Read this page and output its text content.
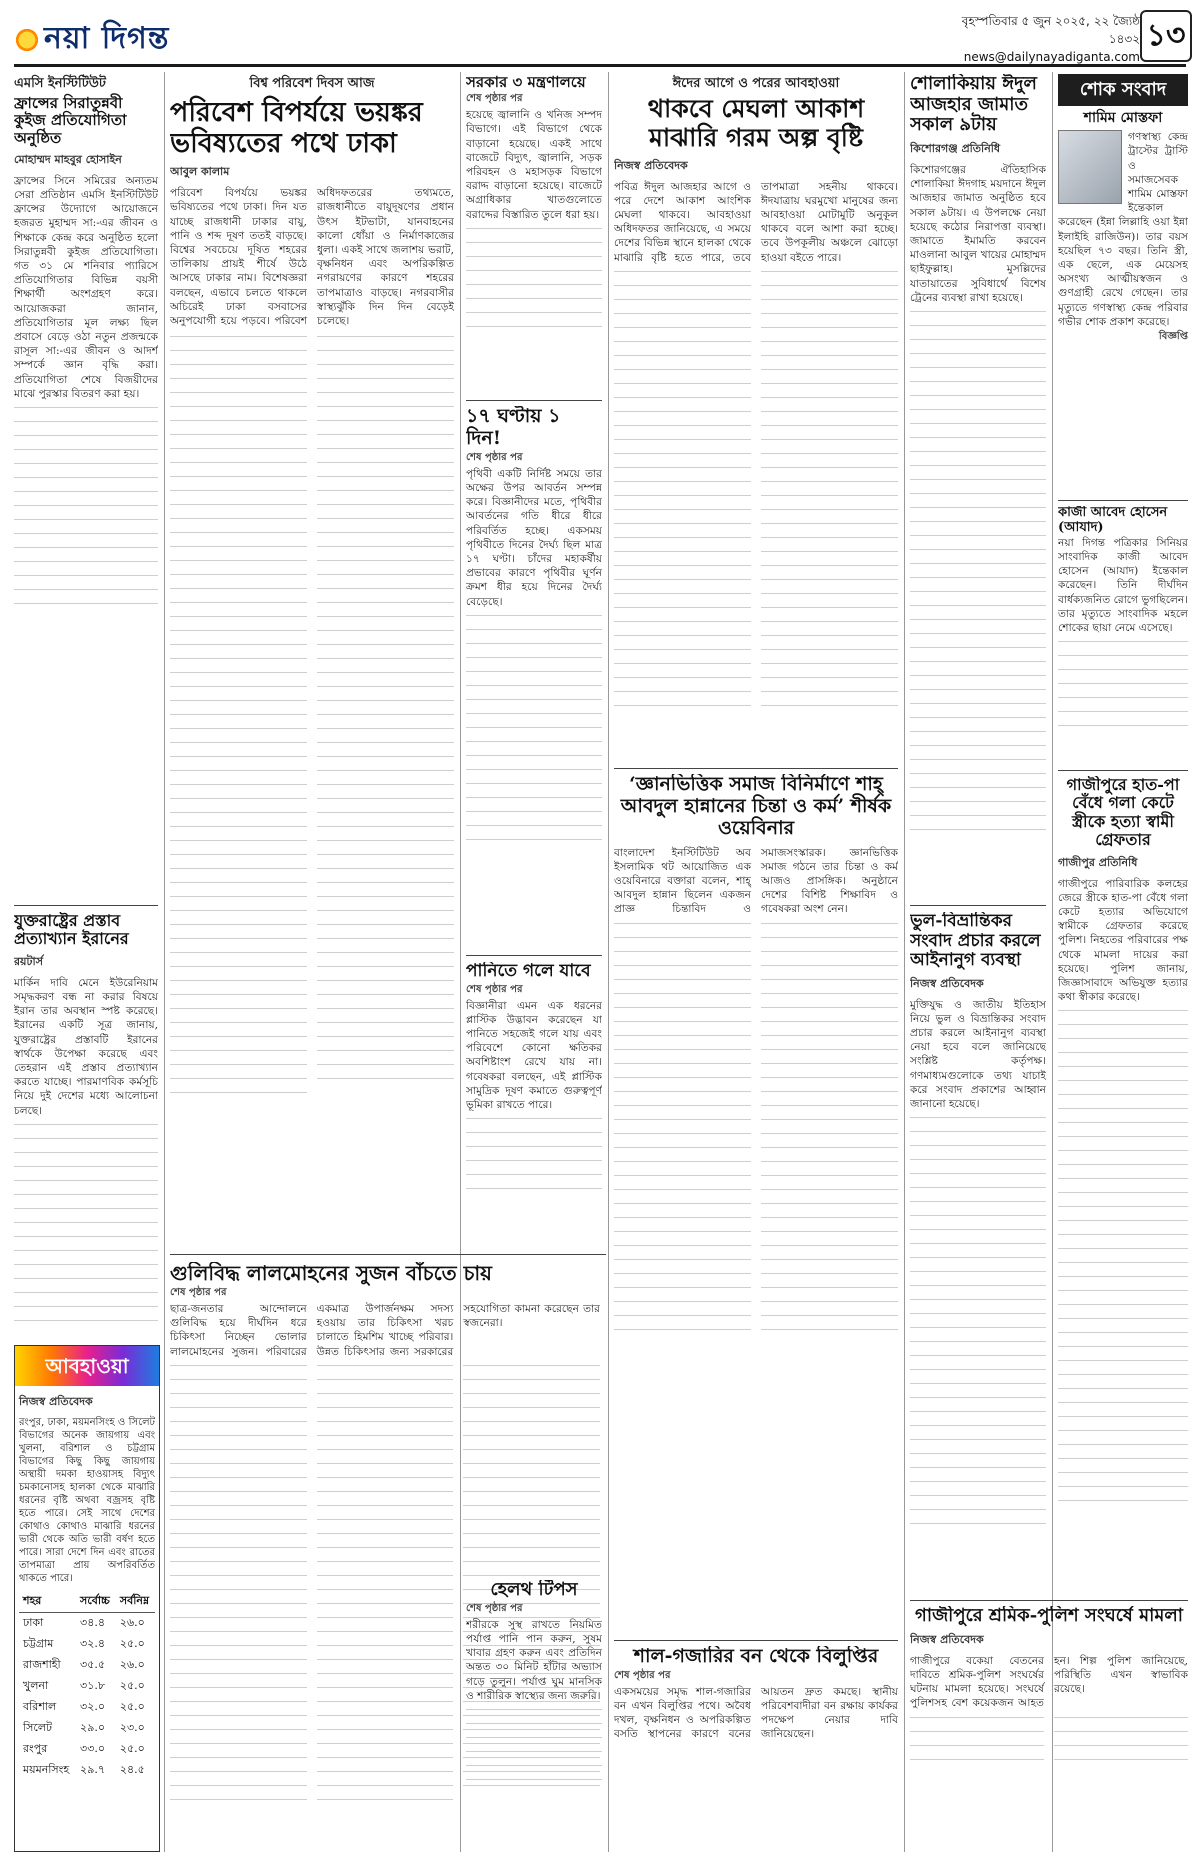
নয়া দিগন্ত	বৃহস্পতিবার ৫ জুন ২০২৫, ২২ জ্যৈষ্ঠ ১৪৩২
news@dailynayadiganta.com
১৩
এমসি ইনস্টিটিউট
ফ্রান্সের সিরাতুন্নবী কুইজ প্রতিযোগিতা অনুষ্ঠিত
মোহাম্মদ মাহবুর হোসাইন
ফ্রান্সের সিনে সমিরের অন্যতম সেরা প্রতিষ্ঠান এমসি ইনস্টিটিউট ফ্রান্সের উদ্যোগে আয়োজনে হজরত মুহাম্মদ সা:-এর জীবন ও শিক্ষাকে কেন্দ্র করে অনুষ্ঠিত হলো সিরাতুন্নবী কুইজ প্রতিযোগিতা। গত ৩১ মে শনিবার প্যারিসে প্রতিযোগিতার বিভিন্ন বয়সী শিক্ষার্থী অংশগ্রহণ করে। আয়োজকরা জানান, প্রতিযোগিতার মূল লক্ষ্য ছিল প্রবাসে বেড়ে ওঠা নতুন প্রজন্মকে রাসূল সা:-এর জীবন ও আদর্শ সম্পর্কে জ্ঞান বৃদ্ধি করা। প্রতিযোগিতা শেষে বিজয়ীদের মাঝে পুরস্কার বিতরণ করা হয়।
যুক্তরাষ্ট্রের প্রস্তাব প্রত্যাখ্যান ইরানের
রয়টার্স
মার্কিন দাবি মেনে ইউরেনিয়াম সমৃদ্ধকরণ বন্ধ না করার বিষয়ে ইরান তার অবস্থান স্পষ্ট করেছে। ইরানের একটি সূত্র জানায়, যুক্তরাষ্ট্রের প্রস্তাবটি ইরানের স্বার্থকে উপেক্ষা করেছে এবং তেহরান এই প্রস্তাব প্রত্যাখ্যান করতে যাচ্ছে। পারমাণবিক কর্মসূচি নিয়ে দুই দেশের মধ্যে আলোচনা চলছে।
আবহাওয়া
নিজস্ব প্রতিবেদক
রংপুর, ঢাকা, ময়মনসিংহ ও সিলেট বিভাগের অনেক জায়গায় এবং খুলনা, বরিশাল ও চট্টগ্রাম বিভাগের কিছু কিছু জায়গায় অস্থায়ী দমকা হাওয়াসহ বিদ্যুৎ চমকানোসহ হালকা থেকে মাঝারি ধরনের বৃষ্টি অথবা বজ্রসহ বৃষ্টি হতে পারে। সেই সাথে দেশের কোথাও কোথাও মাঝারি ধরনের ভারী থেকে অতি ভারী বর্ষণ হতে পারে। সারা দেশে দিন এবং রাতের তাপমাত্রা প্রায় অপরিবর্তিত থাকতে পারে।
শহর	সর্বোচ্চ	সর্বনিম্ন
ঢাকা	৩৪.৪	২৬.০
চট্টগ্রাম	৩২.৪	২৫.০
রাজশাহী	৩৫.৫	২৬.০
খুলনা	৩১.৮	২৫.০
বরিশাল	৩২.০	২৫.০
সিলেট	২৯.০	২৩.০
রংপুর	৩৩.০	২৫.০
ময়মনসিংহ	২৯.৭	২৪.৫
বিশ্ব পরিবেশ দিবস আজ
পরিবেশ বিপর্যয়ে ভয়ঙ্কর ভবিষ্যতের পথে ঢাকা
আবুল কালাম
পরিবেশ বিপর্যয়ে ভয়ঙ্কর ভবিষ্যতের পথে ঢাকা। দিন যত যাচ্ছে রাজধানী ঢাকার বায়ু, পানি ও শব্দ দূষণ ততই বাড়ছে। বিশ্বের সবচেয়ে দূষিত শহরের তালিকায় প্রায়ই শীর্ষে উঠে আসছে ঢাকার নাম। বিশেষজ্ঞরা বলছেন, এভাবে চলতে থাকলে অচিরেই ঢাকা বসবাসের অনুপযোগী হয়ে পড়বে। পরিবেশ অধিদফতরের তথ্যমতে, রাজধানীতে বায়ুদূষণের প্রধান উৎস ইটভাটা, যানবাহনের কালো ধোঁয়া ও নির্মাণকাজের ধুলা। একই সাথে জলাশয় ভরাট, বৃক্ষনিধন এবং অপরিকল্পিত নগরায়ণের কারণে শহরের তাপমাত্রাও বাড়ছে। নগরবাসীর স্বাস্থ্যঝুঁকি দিন দিন বেড়েই চলেছে।
গুলিবিদ্ধ লালমোহনের সুজন বাঁচতে চায়
শেষ পৃষ্ঠার পর
ছাত্র-জনতার আন্দোলনে গুলিবিদ্ধ হয়ে দীর্ঘদিন ধরে চিকিৎসা নিচ্ছেন ভোলার লালমোহনের সুজন। পরিবারের একমাত্র উপার্জনক্ষম সদস্য হওয়ায় তার চিকিৎসা খরচ চালাতে হিমশিম খাচ্ছে পরিবার। উন্নত চিকিৎসার জন্য সরকারের সহযোগিতা কামনা করেছেন তার স্বজনেরা।
সরকার ৩ মন্ত্রণালয়ে
শেষ পৃষ্ঠার পর
হয়েছে জ্বালানি ও খনিজ সম্পদ বিভাগে। এই বিভাগে থেকে বাড়ানো হয়েছে। একই সাথে বাজেটে বিদ্যুৎ, জ্বালানি, সড়ক পরিবহন ও মহাসড়ক বিভাগে বরাদ্দ বাড়ানো হয়েছে। বাজেটে অগ্রাধিকার খাতগুলোতে বরাদ্দের বিস্তারিত তুলে ধরা হয়।
১৭ ঘণ্টায় ১ দিন!
শেষ পৃষ্ঠার পর
পৃথিবী একটি নির্দিষ্ট সময়ে তার অক্ষের উপর আবর্তন সম্পন্ন করে। বিজ্ঞানীদের মতে, পৃথিবীর আবর্তনের গতি ধীরে ধীরে পরিবর্তিত হচ্ছে। একসময় পৃথিবীতে দিনের দৈর্ঘ্য ছিল মাত্র ১৭ ঘণ্টা। চাঁদের মহাকর্ষীয় প্রভাবের কারণে পৃথিবীর ঘূর্ণন ক্রমশ ধীর হয়ে দিনের দৈর্ঘ্য বেড়েছে।
পানিতে গলে যাবে
শেষ পৃষ্ঠার পর
বিজ্ঞানীরা এমন এক ধরনের প্লাস্টিক উদ্ভাবন করেছেন যা পানিতে সহজেই গলে যায় এবং পরিবেশে কোনো ক্ষতিকর অবশিষ্টাংশ রেখে যায় না। গবেষকরা বলছেন, এই প্লাস্টিক সামুদ্রিক দূষণ কমাতে গুরুত্বপূর্ণ ভূমিকা রাখতে পারে।
হেলথ টিপস
শেষ পৃষ্ঠার পর
শরীরকে সুস্থ রাখতে নিয়মিত পর্যাপ্ত পানি পান করুন, সুষম খাবার গ্রহণ করুন এবং প্রতিদিন অন্তত ৩০ মিনিট হাঁটার অভ্যাস গড়ে তুলুন। পর্যাপ্ত ঘুম মানসিক ও শারীরিক স্বাস্থ্যের জন্য জরুরি।
ঈদের আগে ও পরের আবহাওয়া
থাকবে মেঘলা আকাশ মাঝারি গরম অল্প বৃষ্টি
নিজস্ব প্রতিবেদক
পবিত্র ঈদুল আজহার আগে ও পরে দেশে আকাশ আংশিক মেঘলা থাকবে। আবহাওয়া অধিদফতর জানিয়েছে, এ সময়ে দেশের বিভিন্ন স্থানে হালকা থেকে মাঝারি বৃষ্টি হতে পারে, তবে তাপমাত্রা সহনীয় থাকবে। ঈদযাত্রায় ঘরমুখো মানুষের জন্য আবহাওয়া মোটামুটি অনুকূল থাকবে বলে আশা করা হচ্ছে। তবে উপকূলীয় অঞ্চলে ঝোড়ো হাওয়া বইতে পারে।
‘জ্ঞানভিত্তিক সমাজ বিনির্মাণে শাহ্ আবদুল হান্নানের চিন্তা ও কর্ম’ শীর্ষক ওয়েবিনার
বাংলাদেশ ইনস্টিটিউট অব ইসলামিক থট আয়োজিত এক ওয়েবিনারে বক্তারা বলেন, শাহ্ আবদুল হান্নান ছিলেন একজন প্রাজ্ঞ চিন্তাবিদ ও সমাজসংস্কারক। জ্ঞানভিত্তিক সমাজ গঠনে তার চিন্তা ও কর্ম আজও প্রাসঙ্গিক। অনুষ্ঠানে দেশের বিশিষ্ট শিক্ষাবিদ ও গবেষকরা অংশ নেন।
শাল-গজারির বন থেকে বিলুপ্তির
শেষ পৃষ্ঠার পর
একসময়ের সমৃদ্ধ শাল-গজারির বন এখন বিলুপ্তির পথে। অবৈধ দখল, বৃক্ষনিধন ও অপরিকল্পিত বসতি স্থাপনের কারণে বনের আয়তন দ্রুত কমছে। স্থানীয় পরিবেশবাদীরা বন রক্ষায় কার্যকর পদক্ষেপ নেয়ার দাবি জানিয়েছেন।
শোলাকিয়ায় ঈদুল আজহার জামাত সকাল ৯টায়
কিশোরগঞ্জ প্রতিনিধি
কিশোরগঞ্জের ঐতিহাসিক শোলাকিয়া ঈদগাহ ময়দানে ঈদুল আজহার জামাত অনুষ্ঠিত হবে সকাল ৯টায়। এ উপলক্ষে নেয়া হয়েছে কঠোর নিরাপত্তা ব্যবস্থা। জামাতে ইমামতি করবেন মাওলানা আবুল খায়ের মোহাম্মদ ছাইফুল্লাহ। মুসল্লিদের যাতায়াতের সুবিধার্থে বিশেষ ট্রেনের ব্যবস্থা রাখা হয়েছে।
ভুল-বিভ্রান্তিকর সংবাদ প্রচার করলে আইনানুগ ব্যবস্থা
নিজস্ব প্রতিবেদক
মুক্তিযুদ্ধ ও জাতীয় ইতিহাস নিয়ে ভুল ও বিভ্রান্তিকর সংবাদ প্রচার করলে আইনানুগ ব্যবস্থা নেয়া হবে বলে জানিয়েছে সংশ্লিষ্ট কর্তৃপক্ষ। গণমাধ্যমগুলোকে তথ্য যাচাই করে সংবাদ প্রকাশের আহ্বান জানানো হয়েছে।
শোক সংবাদ
শামিম মোস্তফা
গণস্বাস্থ্য কেন্দ্র ট্রাস্টের ট্রাস্টি ও সমাজসেবক শামিম মোস্তফা ইন্তেকাল করেছেন (ইন্না লিল্লাহি ওয়া ইন্না ইলাইহি রাজিউন)। তার বয়স হয়েছিল ৭৩ বছর। তিনি স্ত্রী, এক ছেলে, এক মেয়েসহ অসংখ্য আত্মীয়স্বজন ও গুণগ্রাহী রেখে গেছেন। তার মৃত্যুতে গণস্বাস্থ্য কেন্দ্র পরিবার গভীর শোক প্রকাশ করেছে।
বিজ্ঞপ্তি
কাজী আবেদ হোসেন (আযাদ)
নয়া দিগন্ত পত্রিকার সিনিয়র সাংবাদিক কাজী আবেদ হোসেন (আযাদ) ইন্তেকাল করেছেন। তিনি দীর্ঘদিন বার্ধক্যজনিত রোগে ভুগছিলেন। তার মৃত্যুতে সাংবাদিক মহলে শোকের ছায়া নেমে এসেছে।
গাজীপুরে হাত-পা বেঁধে গলা কেটে স্ত্রীকে হত্যা স্বামী গ্রেফতার
গাজীপুর প্রতিনিধি
গাজীপুরে পারিবারিক কলহের জেরে স্ত্রীকে হাত-পা বেঁধে গলা কেটে হত্যার অভিযোগে স্বামীকে গ্রেফতার করেছে পুলিশ। নিহতের পরিবারের পক্ষ থেকে মামলা দায়ের করা হয়েছে। পুলিশ জানায়, জিজ্ঞাসাবাদে অভিযুক্ত হত্যার কথা স্বীকার করেছে।
গাজীপুরে শ্রমিক-পুলিশ সংঘর্ষে মামলা
নিজস্ব প্রতিবেদক
গাজীপুরে বকেয়া বেতনের দাবিতে শ্রমিক-পুলিশ সংঘর্ষের ঘটনায় মামলা হয়েছে। সংঘর্ষে পুলিশসহ বেশ কয়েকজন আহত হন। শিল্প পুলিশ জানিয়েছে, পরিস্থিতি এখন স্বাভাবিক রয়েছে।
